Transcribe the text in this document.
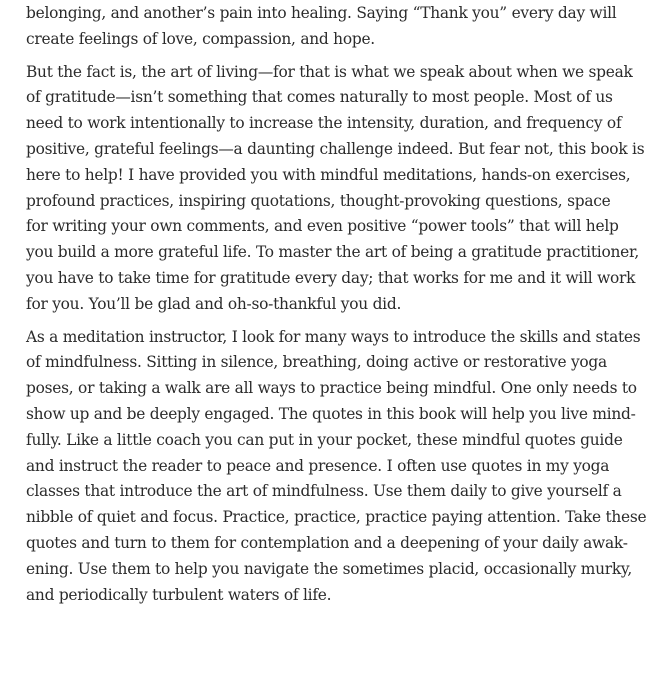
belonging, and another’s pain into healing. Saying “Thank you” every day will
create feelings of love, compassion, and hope.
But the fact is, the art of living—for that is what we speak about when we speak
of gratitude—isn’t something that comes naturally to most people. Most of us
need to work intentionally to increase the intensity, duration, and frequency of
positive, grateful feelings—a daunting challenge indeed. But fear not, this book is
here to help! I have provided you with mindful meditations, hands-on exercises,
profound practices, inspiring quotations, thought-provoking questions, space
for writing your own comments, and even positive “power tools” that will help
you build a more grateful life. To master the art of being a gratitude practitioner,
you have to take time for gratitude every day; that works for me and it will work
for you. You’ll be glad and oh-so-thankful you did.
As a meditation instructor, I look for many ways to introduce the skills and states
of mindfulness. Sitting in silence, breathing, doing active or restorative yoga
poses, or taking a walk are all ways to practice being mindful. One only needs to
show up and be deeply engaged. The quotes in this book will help you live mind-
fully. Like a little coach you can put in your pocket, these mindful quotes guide
and instruct the reader to peace and presence. I often use quotes in my yoga
classes that introduce the art of mindfulness. Use them daily to give yourself a
nibble of quiet and focus. Practice, practice, practice paying attention. Take these
quotes and turn to them for contemplation and a deepening of your daily awak-
ening. Use them to help you navigate the sometimes placid, occasionally murky,
and periodically turbulent waters of life.
